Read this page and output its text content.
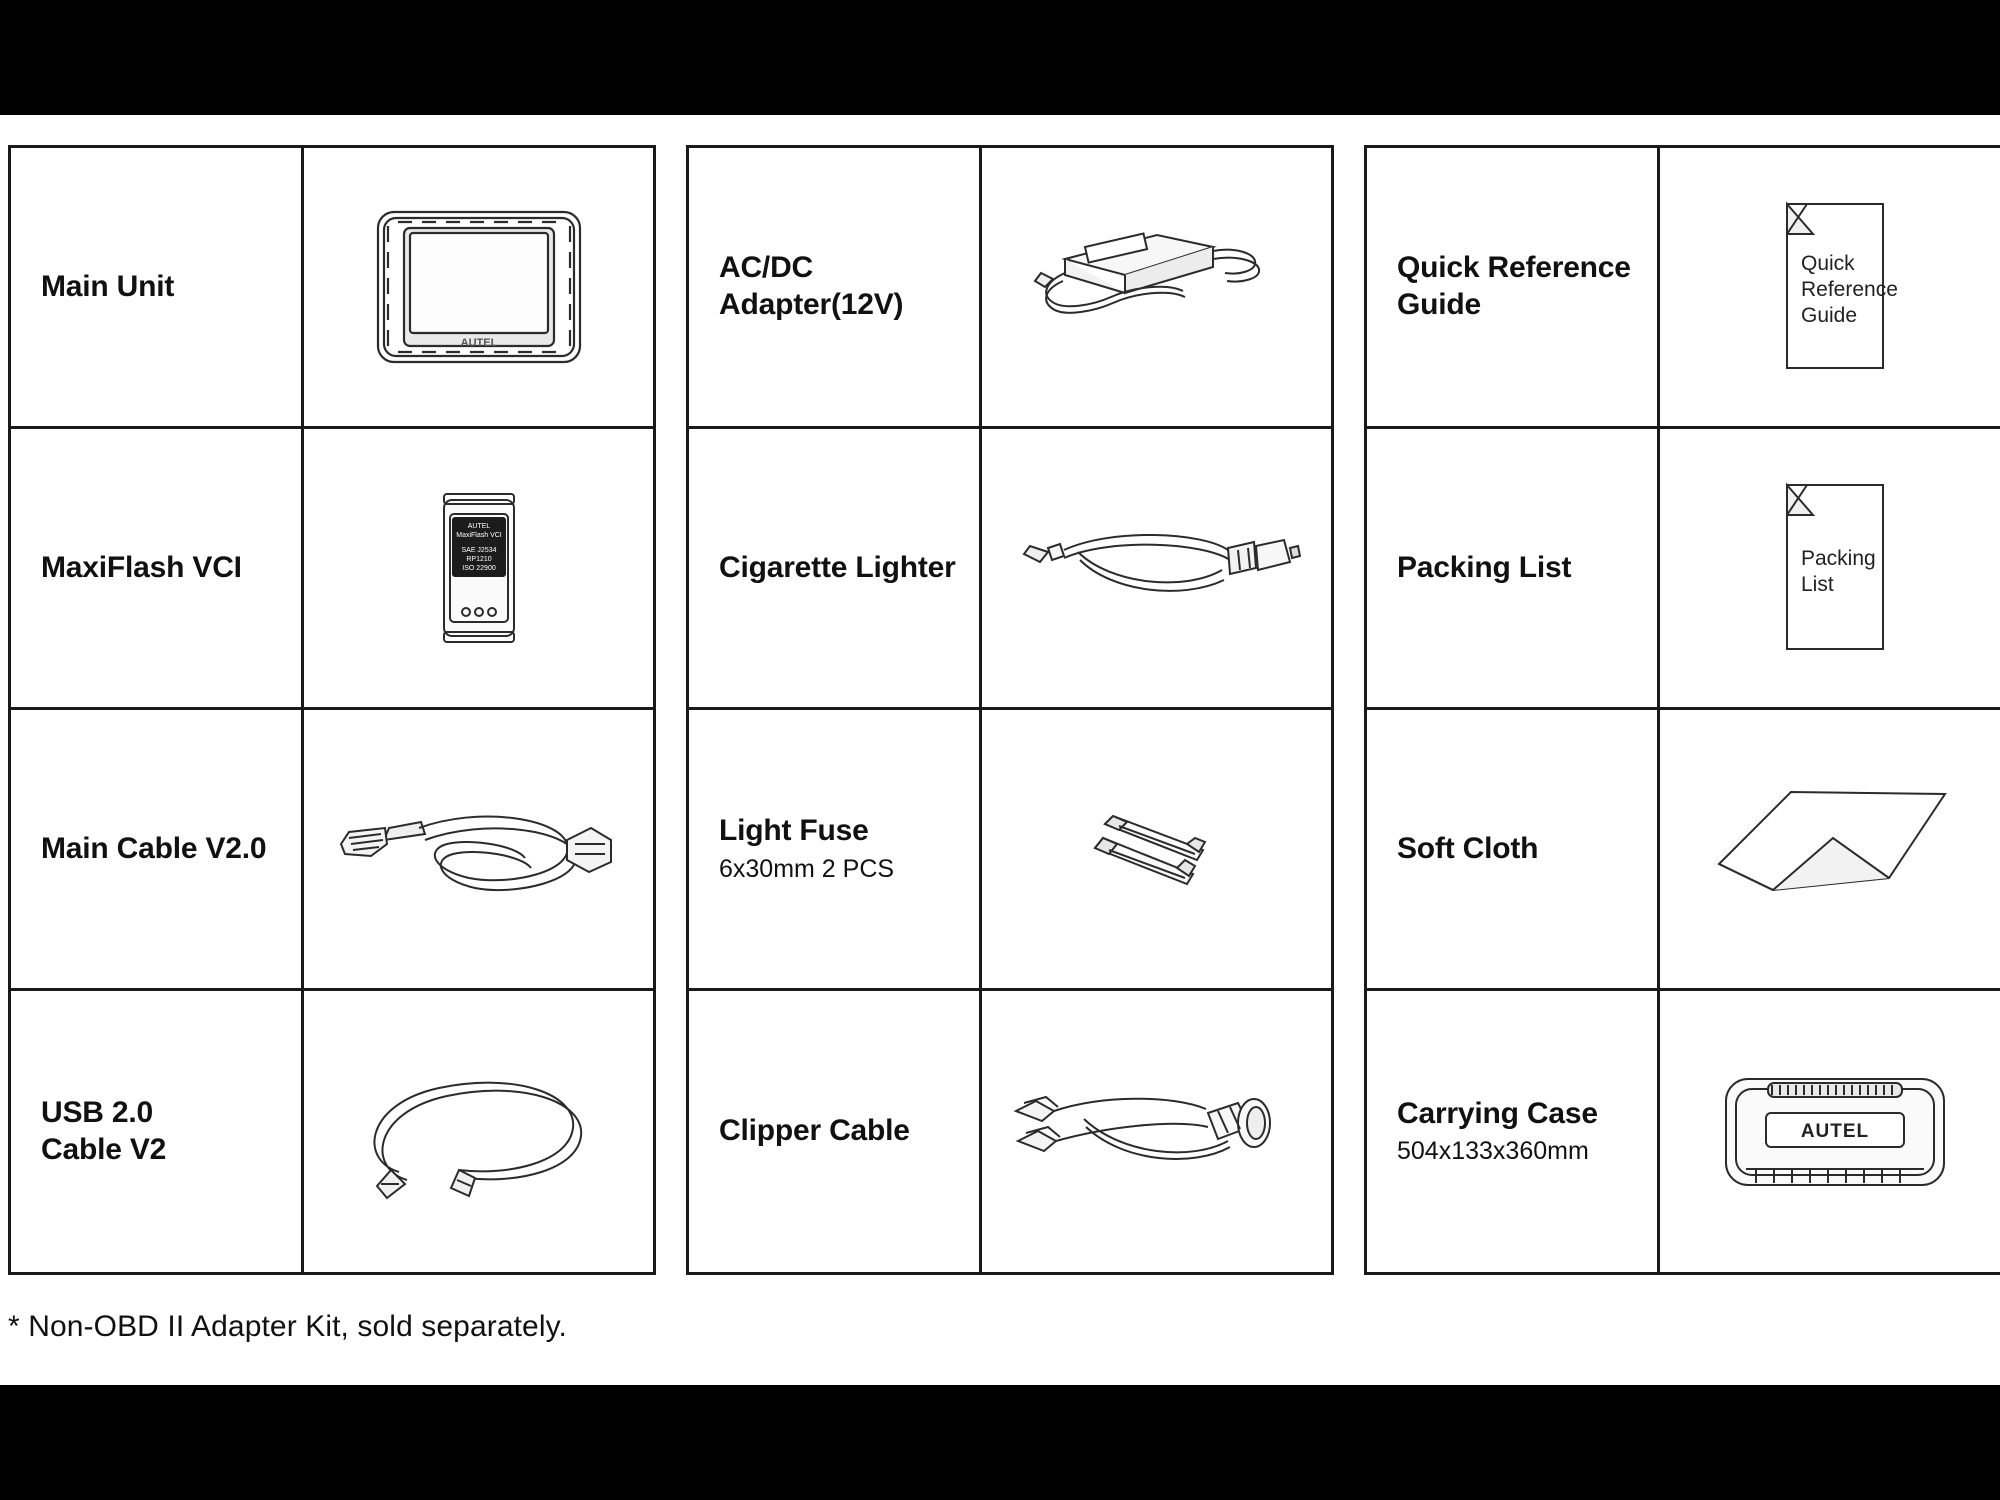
Main Unit
AUTEL
MaxiFlash VCI
AUTEL
MaxiFlash VCI
SAE J2534
RP1210
ISO 22900
Main Cable V2.0
USB 2.0
Cable V2
AC/DC
Adapter(12V)
Cigarette Lighter
Light Fuse
6x30mm 2 PCS
Clipper Cable
Quick Reference
Guide
Quick
Reference
Guide
Packing List	Packing
List
Soft Cloth
Carrying Case
504x133x360mm
AUTEL
* Non-OBD II Adapter Kit, sold separately.
